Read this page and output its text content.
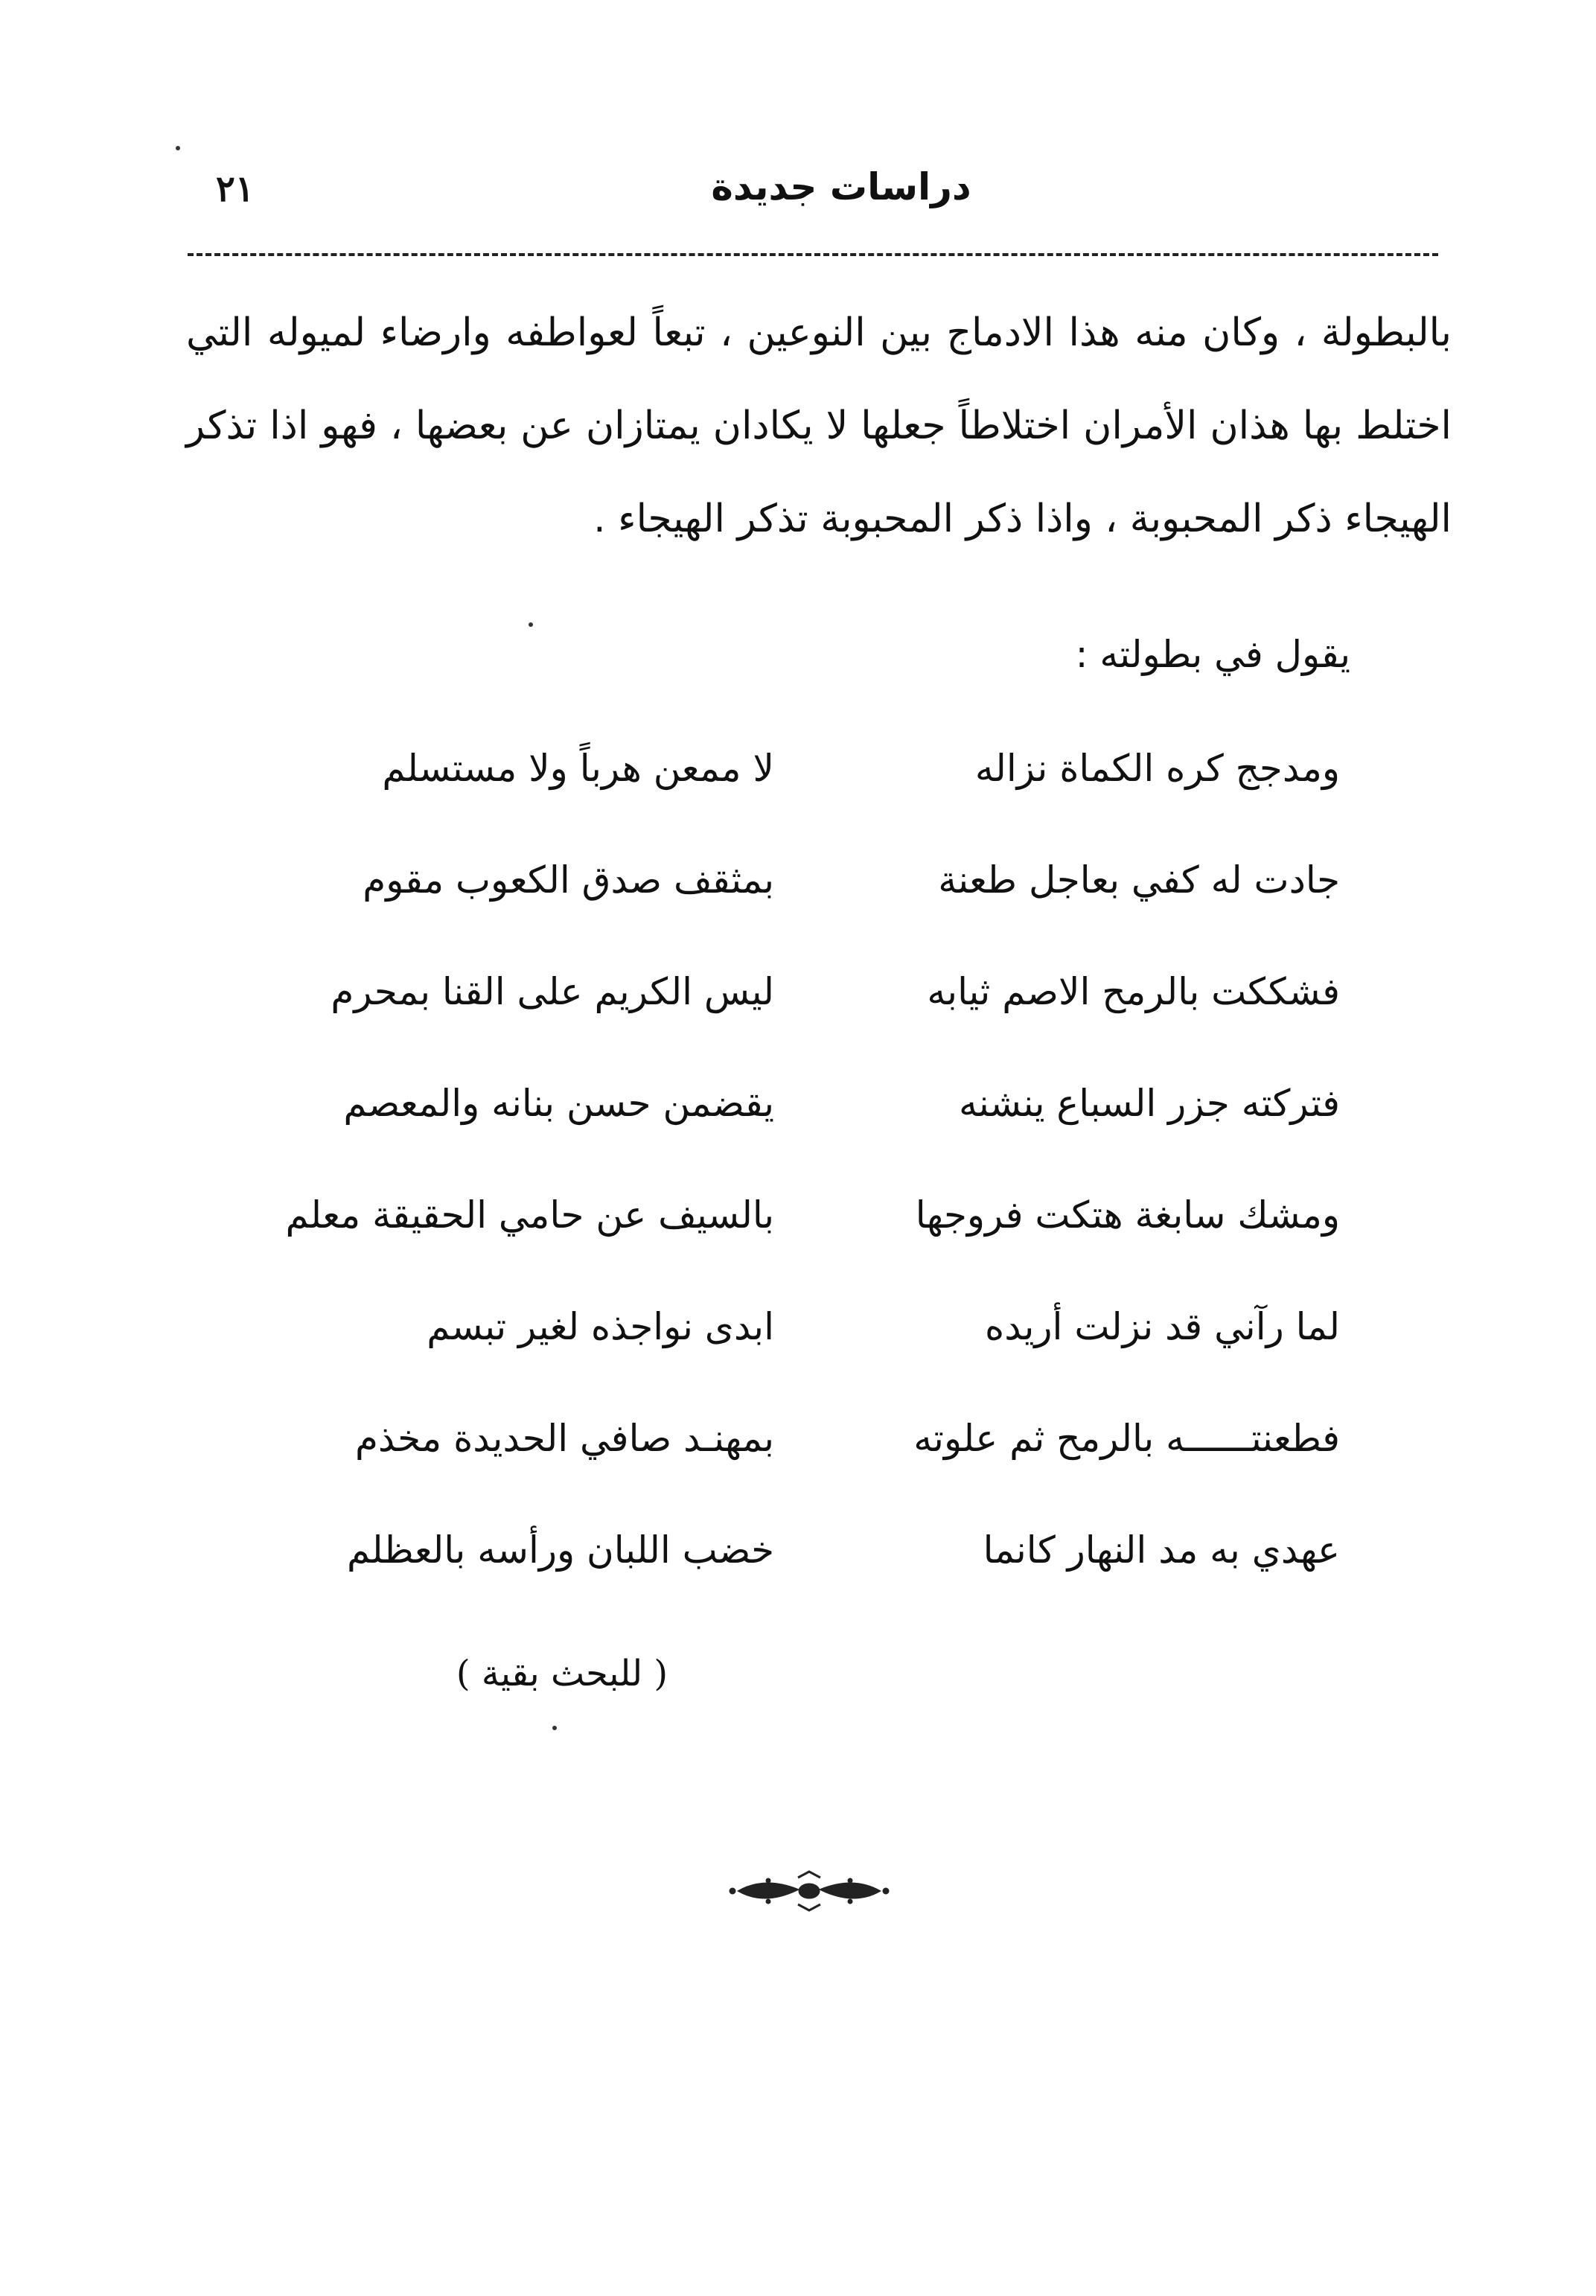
٢١	دراسات جديدة

بالبطولة ، وكان منه هذا الادماج بين النوعين ، تبعاً لعواطفه وارضاء لميوله التي اختلط بها هذان الأمران اختلاطاً جعلها لا يكادان يمتازان عن بعضها ، فهو اذا تذكر الهيجاء ذكر المحبوبة ، واذا ذكر المحبوبة تذكر الهيجاء .

يقول في بطولته :
ومدجج كره الكماة نزاله
لا ممعن هرباً ولا مستسلم
جادت له كفي بعاجل طعنة
بمثقف صدق الكعوب مقوم
فشككت بالرمح الاصم ثيابه
ليس الكريم على القنا بمحرم
فتركته جزر السباع ينشنه
يقضمن حسن بنانه والمعصم
ومشك سابغة هتكت فروجها
بالسيف عن حامي الحقيقة معلم
لما رآني قد نزلت أريده
ابدى نواجذه لغير تبسم
فطعنتــــــه بالرمح ثم علوته
بمهنـد صافي الحديدة مخذم
عهدي به مد النهار كانما
خضب اللبان ورأسه بالعظلم
( للبحث بقية )
